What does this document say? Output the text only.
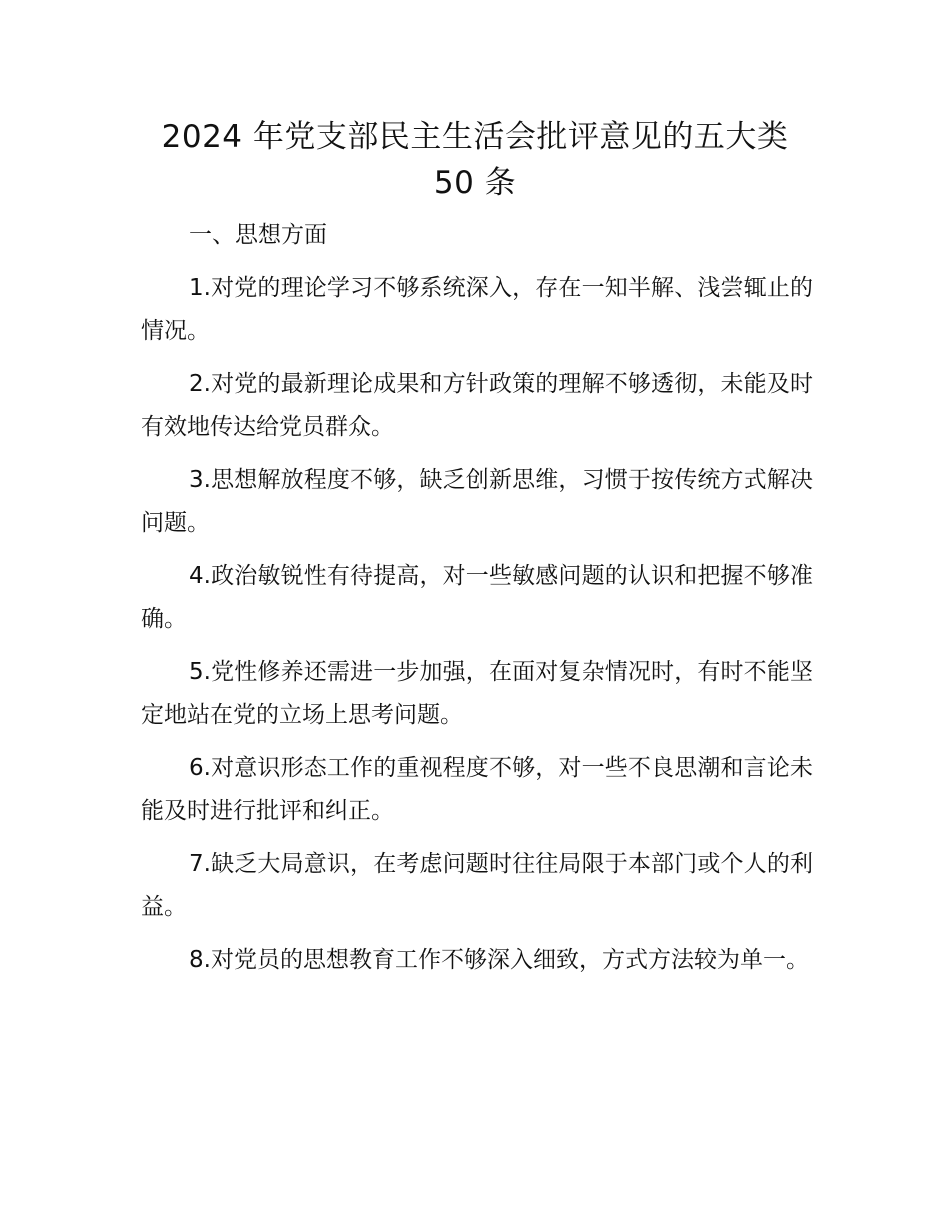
2024 年党支部民主生活会批评意见的五大类
50 条

一、思想方面

1.对党的理论学习不够系统深入，存在一知半解、浅尝辄止的情况。

2.对党的最新理论成果和方针政策的理解不够透彻，未能及时有效地传达给党员群众。

3.思想解放程度不够，缺乏创新思维，习惯于按传统方式解决问题。

4.政治敏锐性有待提高，对一些敏感问题的认识和把握不够准确。

5.党性修养还需进一步加强，在面对复杂情况时，有时不能坚定地站在党的立场上思考问题。

6.对意识形态工作的重视程度不够，对一些不良思潮和言论未能及时进行批评和纠正。

7.缺乏大局意识，在考虑问题时往往局限于本部门或个人的利益。

8.对党员的思想教育工作不够深入细致，方式方法较为单一。
